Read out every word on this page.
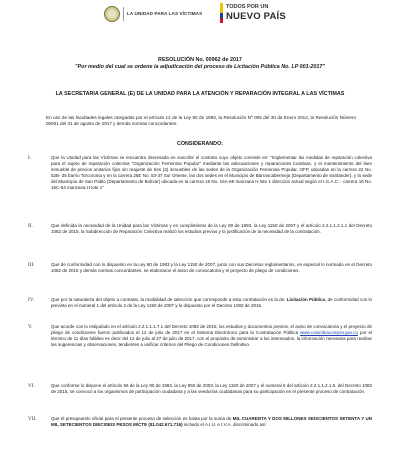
LA UNIDAD PARA LAS VÍCTIMAS
TODOS POR UN
NUEVO PAÍS
RESOLUCIÓN No. 00962 de 2017
"Por medio del cual se ordene la adjudicación del proceso de Licitación Pública No. LP 001-2017"
LA SECRETARIA GENERAL (E) DE LA UNIDAD PARA LA ATENCIÓN Y REPARACIÓN INTEGRAL A LAS VÍCTIMAS
En uso de las facultades legales otorgadas por el artículo 12 de la Ley 80 de 1993, la Resolución Nº 005 del 30 de Enero 2012, la Resolución Número 00931 del 31 de agosto de 2017 y demás normas concordantes.
CONSIDERANDO:
I.	Que la Unidad para las Víctimas se encuentra interesada en suscribir el contrato cuyo objeto consiste en: "Implementar las medidas de reparación colectiva para el sujeto de reparación colectiva "Organización Femenina Popular" mediante las adecuaciones y reparaciones locativas, y el mantenimiento del bien inmueble de precios unitarios fijos sin reajuste de tres (3) inmuebles de las sedes de la Organización Femenina Popular, OFP, ubicadas en la carrera 22 No. 52B- 35 barrio Torcoroma y en la carrera 26E No. 53-37 Sur Oriente, las dos sedes en el Municipio de Barrancabermeja (Departamento de Santander), y la sede del Municipio de San Pablo (Departamento de Bolívar) ubicada en la carrera 16 No. 16A-69 manzana H lote 1 dirección actual según el I.G.A.C. - carrera 16 No. 16C-53 manzana H lote 1"

II.	Que definida la necesidad de la Unidad para las Víctimas y en cumplimiento de la Ley 80 de 1993, la Ley 1150 de 2007 y el artículo 2.2.1.1.2.1.1 del Decreto 1082 de 2015, la Subdirección de Reparación Colectiva realizó los estudios previos y la justificación de la necesidad de la contratación.

III.	Que de conformidad con lo dispuesto en la Ley 80 de 1993 y la Ley 1150 de 2007, junto con sus Decretos reglamentarios, en especial lo normado en el Decreto 1082 de 2015 y demás normas concordantes, se elaboraron el aviso de convocatoria y el proyecto de pliego de condiciones.

IV.	Que por la naturaleza del objeto a contratar, la modalidad de selección que corresponde a esta contratación es la de: Licitación Pública, de conformidad con lo previsto en el numeral 1 del artículo 2 de la Ley 1150 de 2007 y lo dispuesto por el Decreto 1082 de 2015.

V.	Que acorde con lo estipulado en el artículo 2.2.1.1.1.7.1 del Decreto 1082 de 2015; los estudios y documentos previos, el aviso de convocatoria y el proyecto de pliego de condiciones fueron publicados el 12 de julio de 2017 en el Sistema Electrónico para la Contratación Pública www.colombiacompra.gov.co por el término de 11 días hábiles es decir del 12 de julio al 27 de julio de 2017, con el propósito de suministrar a los interesados, la información necesaria para realizar las sugerencias y observaciones, tendientes a unificar criterios del Pliego de Condiciones Definitivo.

VI.	Que conforme lo dispone el artículo 66 de la Ley 80 de 1993, la Ley 850 de 2003, la Ley 1150 de 2007 y el numeral 5 del artículo 2.2.1.1.2.1.5. del Decreto 1082 de 2015, se convocó a los organismos de participación ciudadana y a las veedurías ciudadanas para su participación en el presente proceso de contratación.

VII.	Que el presupuesto oficial para el presente proceso de selección es hasta por la suma de MIL CUARENTA Y DOS MILLONES SEISCIENTOS SETENTA Y UN MIL SETECIENTOS DIECISEIS PESOS M/CTE ($1.042.671.716) incluido el A.I.U. e I.V.A. discriminado así:
